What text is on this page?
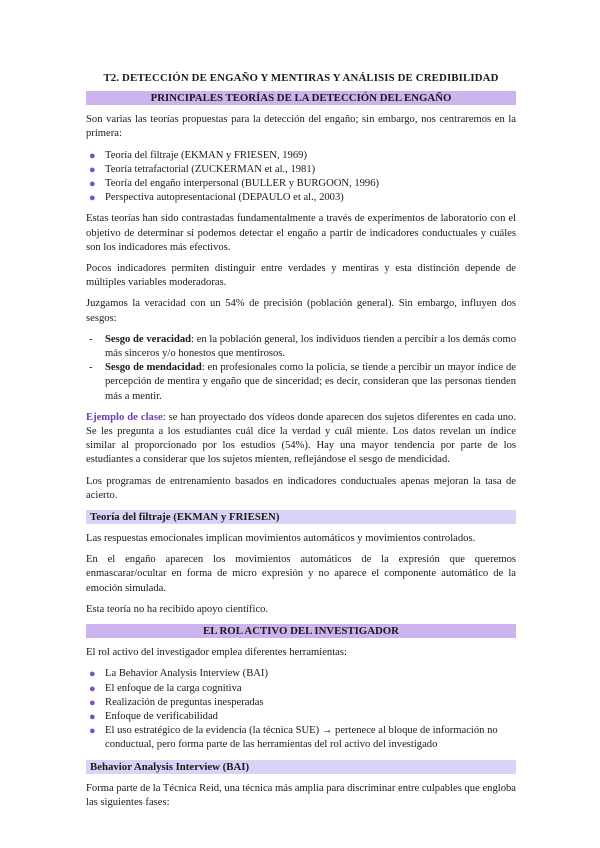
T2. DETECCIÓN DE ENGAÑO Y MENTIRAS Y ANÁLISIS DE CREDIBILIDAD
PRINCIPALES TEORÍAS DE LA DETECCIÓN DEL ENGAÑO

Son varias las teorías propuestas para la detección del engaño; sin embargo, nos centraremos en la primera:

● Teoría del filtraje (EKMAN y FRIESEN, 1969)
● Teoría tetrafactorial (ZUCKERMAN et al., 1981)
● Teoría del engaño interpersonal (BULLER y BURGOON, 1996)
● Perspectiva autopresentacional (DEPAULO et al., 2003)

Estas teorías han sido contrastadas fundamentalmente a través de experimentos de laboratorio con el objetivo de determinar si podemos detectar el engaño a partir de indicadores conductuales y cuáles son los indicadores más efectivos.

Pocos indicadores permiten distinguir entre verdades y mentiras y esta distinción depende de múltiples variables moderadoras.

Juzgamos la veracidad con un 54% de precisión (población general). Sin embargo, influyen dos sesgos:

- Sesgo de veracidad: en la población general, los individuos tienden a percibir a los demás como más sinceros y/o honestos que mentirosos.
- Sesgo de mendacidad: en profesionales como la policía, se tiende a percibir un mayor índice de percepción de mentira y engaño que de sinceridad; es decir, consideran que las personas tienden más a mentir.

Ejemplo de clase: se han proyectado dos vídeos donde aparecen dos sujetos diferentes en cada uno. Se les pregunta a los estudiantes cuál dice la verdad y cuál miente. Los datos revelan un índice similar al proporcionado por los estudios (54%). Hay una mayor tendencia por parte de los estudiantes a considerar que los sujetos mienten, reflejándose el sesgo de mendicidad.

Los programas de entrenamiento basados en indicadores conductuales apenas mejoran la tasa de acierto.

Teoría del filtraje (EKMAN y FRIESEN)

Las respuestas emocionales implican movimientos automáticos y movimientos controlados.

En el engaño aparecen los movimientos automáticos de la expresión que queremos enmascarar/ocultar en forma de micro expresión y no aparece el componente automático de la emoción simulada.

Esta teoría no ha recibido apoyo científico.

EL ROL ACTIVO DEL INVESTIGADOR

El rol activo del investigador emplea diferentes herramientas:

● La Behavior Analysis Interview (BAI)
● El enfoque de la carga cognitiva
● Realización de preguntas inesperadas
● Enfoque de verificabilidad
● El uso estratégico de la evidencia (la técnica SUE) → pertenece al bloque de información no conductual, pero forma parte de las herramientas del rol activo del investigado
Behavior Analysis Interview (BAI)

Forma parte de la Técnica Reid, una técnica más amplia para discriminar entre culpables que engloba las siguientes fases:
